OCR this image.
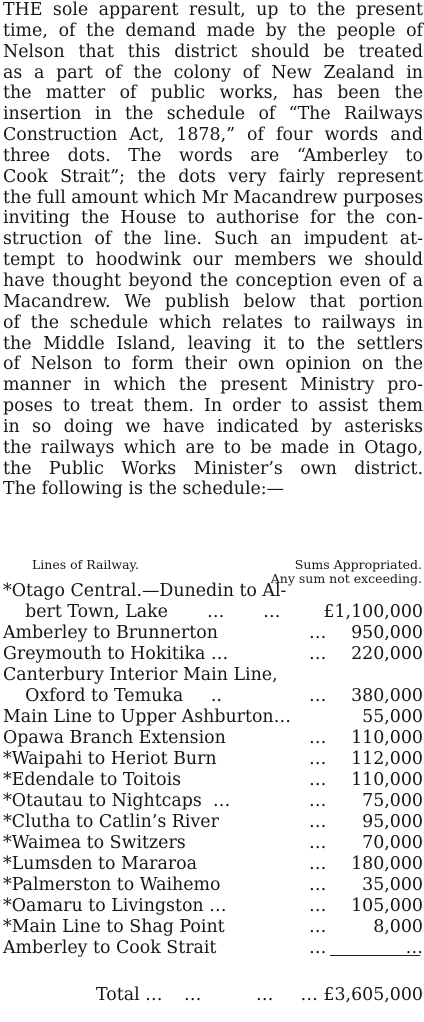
THE sole apparent result, up to the present
time, of the demand made by the people of
Nelson that this district should be treated
as a part of the colony of New Zealand in
the matter of public works, has been the
insertion in the schedule of “The Railways
Construction Act, 1878,” of four words and
three dots. The words are “Amberley to
Cook Strait”; the dots very fairly represent
the full amount which Mr Macandrew purposes
inviting the House to authorise for the con-
struction of the line. Such an impudent at-
tempt to hoodwink our members we should
have thought beyond the conception even of a
Macandrew. We publish below that portion
of the schedule which relates to railways in
the Middle Island, leaving it to the settlers
of Nelson to form their own opinion on the
manner in which the present Ministry pro-
poses to treat them. In order to assist them
in so doing we have indicated by asterisks
the railways which are to be made in Otago,
the Public Works Minister’s own district.
The following is the schedule:—
Lines of Railway.	Sums Appropriated.
Any sum not exceeding.
*Otago Central.—Dunedin to Al-
bert Town, Lake …       … £1,100,000
Amberley to Brunnerton	… 950,000
Greymouth to Hokitika …	… 220,000
Canterbury Interior Main Line,
Oxford to Temuka     ..	… 380,000
Main Line to Upper Ashburton…	55,000
Opawa Branch Extension	… 110,000
*Waipahi to Heriot Burn	… 112,000
*Edendale to Toitois	… 110,000
*Otautau to Nightcaps  …	… 75,000
*Clutha to Catlin’s River	… 95,000
*Waimea to Switzers	… 70,000
*Lumsden to Mararoa	… 180,000
*Palmerston to Waihemo	… 35,000
*Oamaru to Livingston …	… 105,000
*Main Line to Shag Point	…	8,000
Amberley to Cook Strait	…	…
Total … …	… … £3,605,000
